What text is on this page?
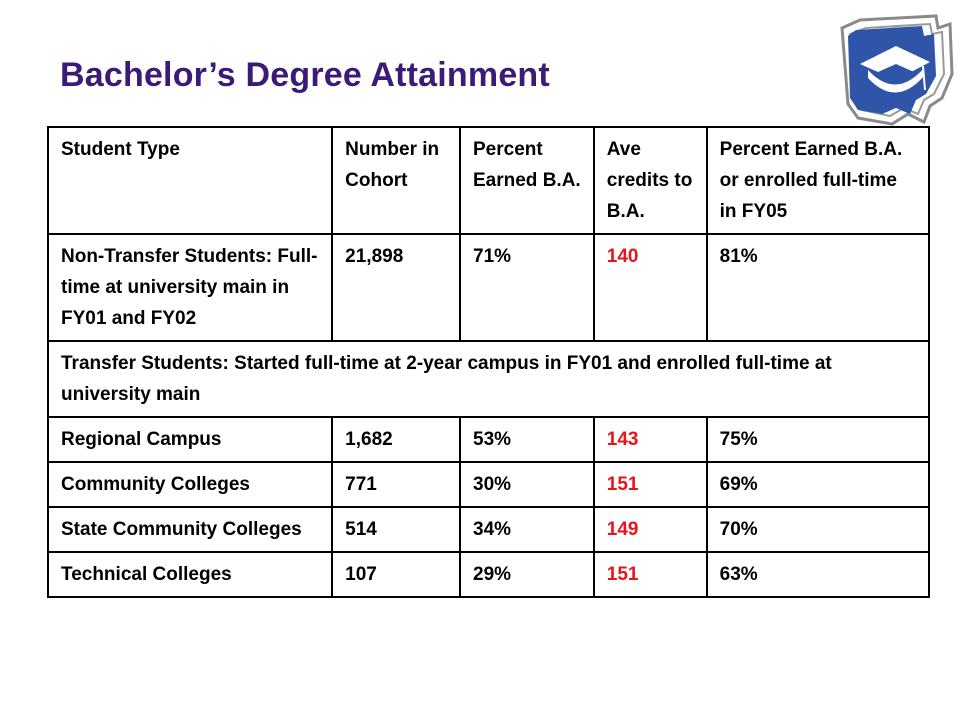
Bachelor’s Degree Attainment
Student Type	Number in Cohort	Percent Earned B.A.	Ave credits to B.A.	Percent Earned B.A. or enrolled full-time in FY05
Non-Transfer Students: Full-time at university main in FY01 and FY02	21,898	71%	140	81%
Transfer Students: Started full-time at 2-year campus in FY01 and enrolled full-time at university main				
Regional Campus	1,682	53%	143	75%
Community Colleges	771	30%	151	69%
State Community Colleges	514	34%	149	70%
Technical Colleges	107	29%	151	63%
